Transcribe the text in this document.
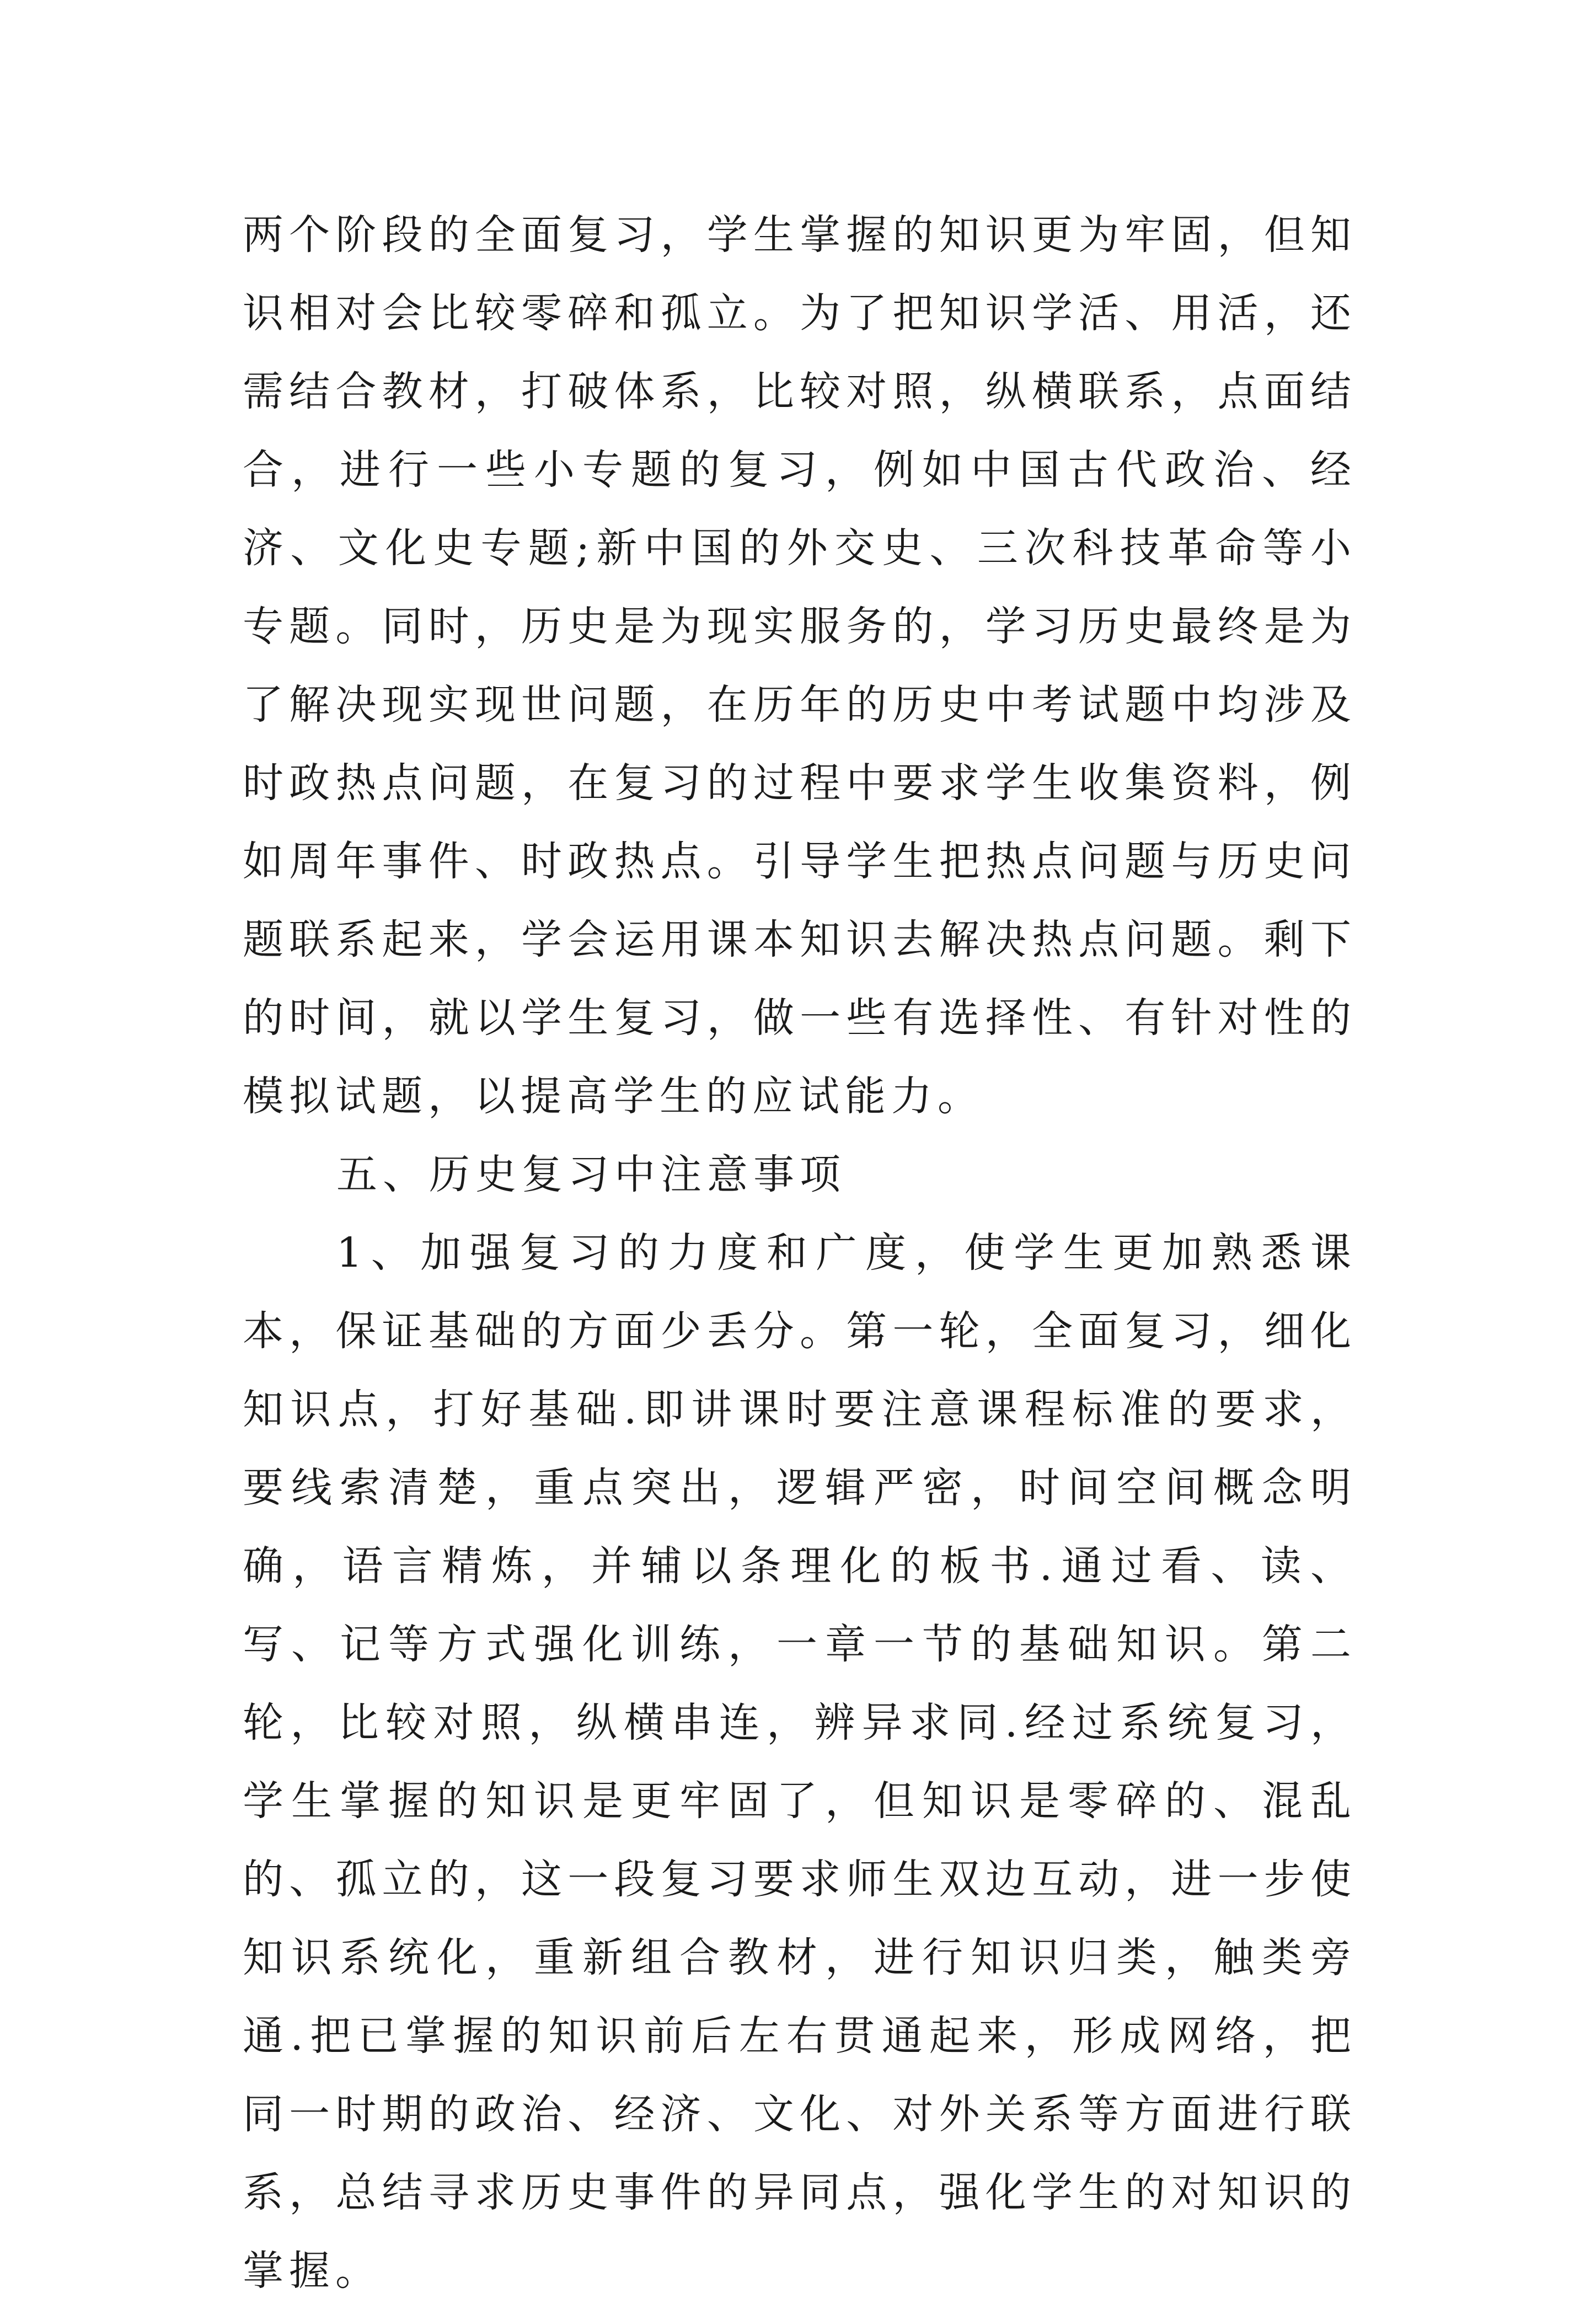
两个阶段的全面复习，学生掌握的知识更为牢固，但知识相对会比较零碎和孤立。为了把知识学活、用活，还需结合教材，打破体系，比较对照，纵横联系，点面结合，进行一些小专题的复习，例如中国古代政治、经济、文化史专题;新中国的外交史、三次科技革命等小专题。同时，历史是为现实服务的，学习历史最终是为了解决现实现世问题，在历年的历史中考试题中均涉及时政热点问题，在复习的过程中要求学生收集资料，例如周年事件、时政热点。引导学生把热点问题与历史问题联系起来，学会运用课本知识去解决热点问题。剩下的时间，就以学生复习，做一些有选择性、有针对性的模拟试题，以提高学生的应试能力。

五、历史复习中注意事项

1、加强复习的力度和广度，使学生更加熟悉课本，保证基础的方面少丢分。第一轮，全面复习，细化知识点，打好基础.即讲课时要注意课程标准的要求，要线索清楚，重点突出，逻辑严密，时间空间概念明确，语言精炼，并辅以条理化的板书.通过看、读、写、记等方式强化训练，一章一节的基础知识。第二轮，比较对照，纵横串连，辨异求同.经过系统复习，学生掌握的知识是更牢固了，但知识是零碎的、混乱的、孤立的，这一段复习要求师生双边互动，进一步使知识系统化，重新组合教材，进行知识归类，触类旁通.把已掌握的知识前后左右贯通起来，形成网络，把同一时期的政治、经济、文化、对外关系等方面进行联系，总结寻求历史事件的异同点，强化学生的对知识的掌握。
